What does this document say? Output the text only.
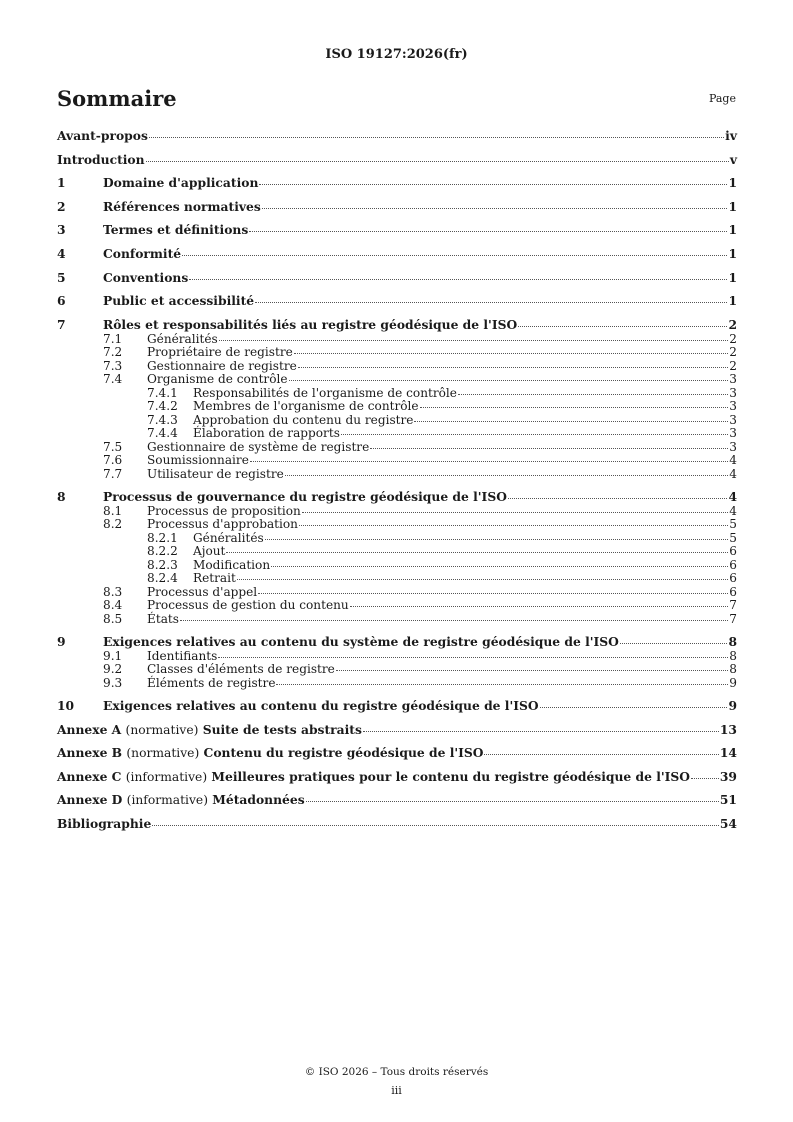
ISO 19127:2026(fr)
Sommaire	Page
Avant-propos	iv
Introduction	v
1	Domaine d'application	1
2	Références normatives	1
3	Termes et définitions	1
4	Conformité	1
5	Conventions	1
6	Public et accessibilité	1
7	Rôles et responsabilités liés au registre géodésique de l'ISO	2
7.1 Généralités	2
7.2 Propriétaire de registre	2
7.3 Gestionnaire de registre	2
7.4 Organisme de contrôle	3
7.4.1 Responsabilités de l'organisme de contrôle	3
7.4.2 Membres de l'organisme de contrôle	3
7.4.3 Approbation du contenu du registre	3
7.4.4 Élaboration de rapports	3
7.5 Gestionnaire de système de registre	3
7.6 Soumissionnaire	4
7.7 Utilisateur de registre	4
8	Processus de gouvernance du registre géodésique de l'ISO	4
8.1 Processus de proposition	4
8.2 Processus d'approbation	5
8.2.1 Généralités	5
8.2.2 Ajout	6
8.2.3 Modification	6
8.2.4 Retrait	6
8.3 Processus d'appel	6
8.4 Processus de gestion du contenu	7
8.5 États	7
9	Exigences relatives au contenu du système de registre géodésique de l'ISO	8
9.1 Identifiants	8
9.2 Classes d'éléments de registre	8
9.3 Éléments de registre	9
10 Exigences relatives au contenu du registre géodésique de l'ISO	9
Annexe A (normative) Suite de tests abstraits	13
Annexe B (normative) Contenu du registre géodésique de l'ISO	14
Annexe C (informative) Meilleures pratiques pour le contenu du registre géodésique de l'ISO 39
Annexe D (informative) Métadonnées	51
Bibliographie	54
© ISO 2026 – Tous droits réservés
iii
